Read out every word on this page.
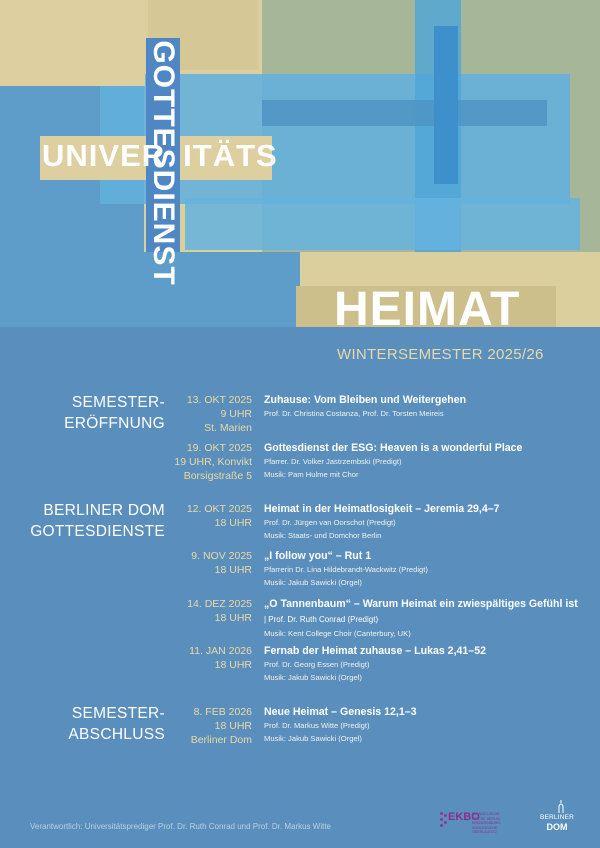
GOTTESDIENST
UNIVER ITÄTS
HEIMAT
WINTERSEMESTER 2025/26
SEMESTER-
ERÖFFNUNG
BERLINER DOM
GOTTESDIENSTE
SEMESTER-
ABSCHLUSS
13. OKT 2025
9 UHR
St. Marien
Zuhause: Vom Bleiben und Weitergehen
Prof. Dr. Christina Costanza, Prof. Dr. Torsten Meireis
19. OKT 2025
19 UHR, Konvikt
Borsigstraße 5
Gottesdienst der ESG: Heaven is a wonderful Place
Pfarrer. Dr. Volker Jastrzembski (Predigt)
Musik: Pam Hulme mit Chor
12. OKT 2025
18 UHR
Heimat in der Heimatlosigkeit – Jeremia 29,4–7
Prof. Dr. Jürgen van Oorschot (Predigt)
Musik: Staats- und Domchor Berlin
9. NOV 2025
18 UHR
„I follow you“ – Rut 1
Pfarrerin Dr. Lina Hildebrandt-Wackwitz (Predigt)
Musik: Jakub Sawicki (Orgel)
14. DEZ 2025
18 UHR
„O Tannenbaum“ – Warum Heimat ein zwiespältiges Gefühl ist | Prof. Dr. Ruth Conrad (Predigt)
Musik: Kent College Choir (Canterbury, UK)
11. JAN 2026
18 UHR
Fernab der Heimat zuhause – Lukas 2,41–52
Prof. Dr. Georg Essen (Predigt)
Musik: Jakub Sawicki (Orgel)
8. FEB 2026
18 UHR
Berliner Dom
Neue Heimat – Genesis 12,1–3
Prof. Dr. Markus Witte (Predigt)
Musik: Jakub Sawicki (Orgel)
Verantwortlich: Universitätsprediger Prof. Dr. Ruth Conrad und Prof. Dr. Markus Witte
EKBO
EVANGELISCHE KIRCHE BERLIN-BRANDENBURG-SCHLESISCHE OBERLAUSITZ
BERLINER
DOM
